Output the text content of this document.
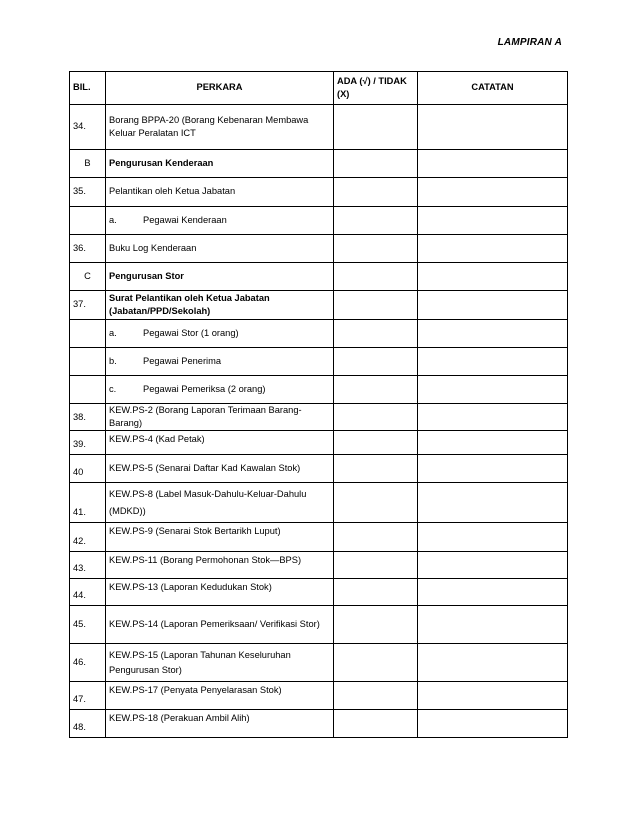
LAMPIRAN A
BIL.	PERKARA	ADA (√) / TIDAK (X)	CATATAN
34.	Borang BPPA-20 (Borang Kebenaran Membawa Keluar Peralatan ICT		
B	Pengurusan Kenderaan		
35.	Pelantikan oleh Ketua Jabatan		
	a. Pegawai Kenderaan		
36.	Buku Log Kenderaan		
C	Pengurusan Stor		
37.	Surat Pelantikan oleh Ketua Jabatan (Jabatan/PPD/Sekolah)		
	a. Pegawai Stor (1 orang)		
	b. Pegawai Penerima		
	c. Pegawai Pemeriksa (2 orang)		
38.	KEW.PS-2 (Borang Laporan Terimaan Barang-Barang)		
39.	KEW.PS-4 (Kad Petak)		
40	KEW.PS-5 (Senarai Daftar Kad Kawalan Stok)		
41.	KEW.PS-8 (Label Masuk-Dahulu-Keluar-Dahulu (MDKD))		
42.	KEW.PS-9 (Senarai Stok Bertarikh Luput)		
43.	KEW.PS-11 (Borang Permohonan Stok—BPS)		
44.	KEW.PS-13 (Laporan Kedudukan Stok)		
45.	KEW.PS-14 (Laporan Pemeriksaan/ Verifikasi Stor)		
46.	KEW.PS-15 (Laporan Tahunan Keseluruhan Pengurusan Stor)		
47.	KEW.PS-17 (Penyata Penyelarasan Stok)		
48.	KEW.PS-18 (Perakuan Ambil Alih)		
